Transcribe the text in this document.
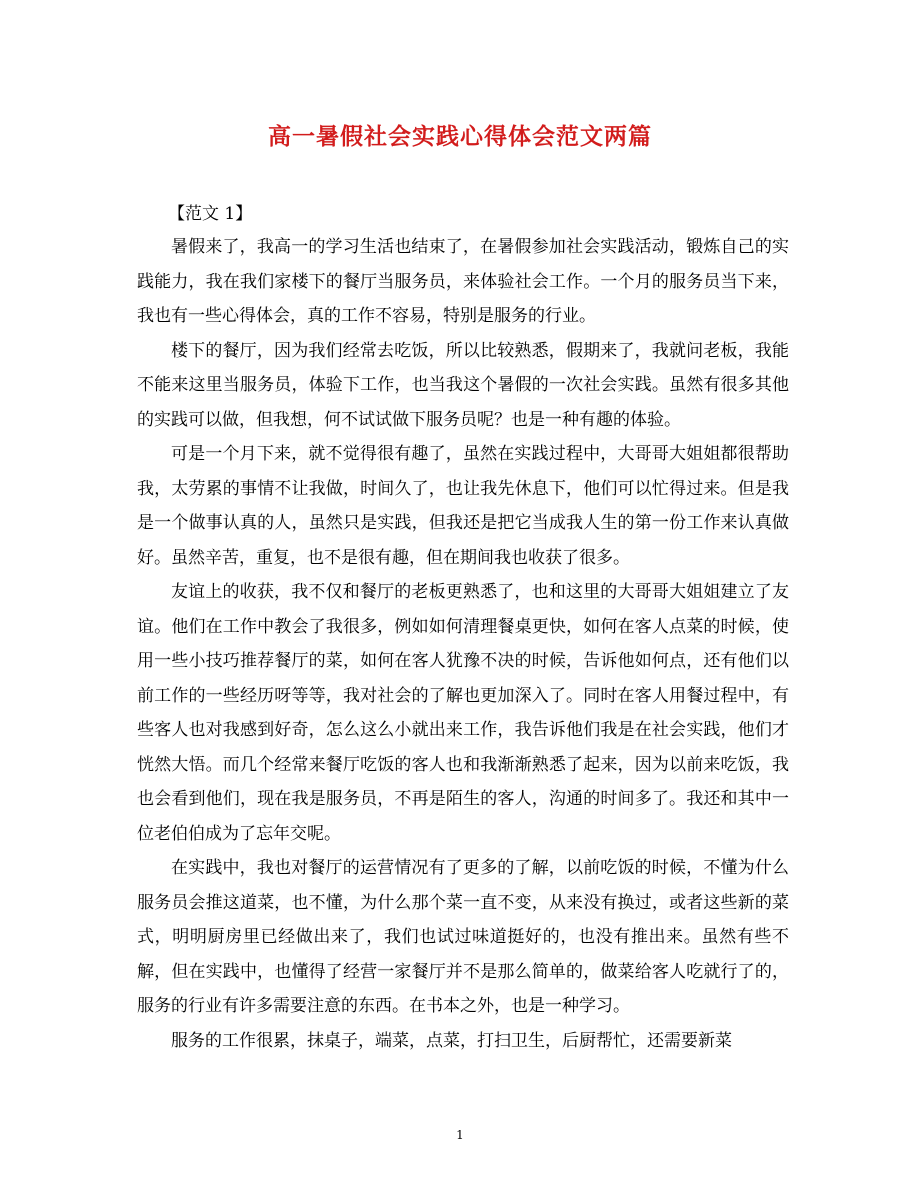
高一暑假社会实践心得体会范文两篇

【范文 1】

暑假来了，我高一的学习生活也结束了，在暑假参加社会实践活动，锻炼自己的实践能力，我在我们家楼下的餐厅当服务员，来体验社会工作。一个月的服务员当下来，我也有一些心得体会，真的工作不容易，特别是服务的行业。

楼下的餐厅，因为我们经常去吃饭，所以比较熟悉，假期来了，我就问老板，我能不能来这里当服务员，体验下工作，也当我这个暑假的一次社会实践。虽然有很多其他的实践可以做，但我想，何不试试做下服务员呢？也是一种有趣的体验。

可是一个月下来，就不觉得很有趣了，虽然在实践过程中，大哥哥大姐姐都很帮助我，太劳累的事情不让我做，时间久了，也让我先休息下，他们可以忙得过来。但是我是一个做事认真的人，虽然只是实践，但我还是把它当成我人生的第一份工作来认真做好。虽然辛苦，重复，也不是很有趣，但在期间我也收获了很多。

友谊上的收获，我不仅和餐厅的老板更熟悉了，也和这里的大哥哥大姐姐建立了友谊。他们在工作中教会了我很多，例如如何清理餐桌更快，如何在客人点菜的时候，使用一些小技巧推荐餐厅的菜，如何在客人犹豫不决的时候，告诉他如何点，还有他们以前工作的一些经历呀等等，我对社会的了解也更加深入了。同时在客人用餐过程中，有些客人也对我感到好奇，怎么这么小就出来工作，我告诉他们我是在社会实践，他们才恍然大悟。而几个经常来餐厅吃饭的客人也和我渐渐熟悉了起来，因为以前来吃饭，我也会看到他们，现在我是服务员，不再是陌生的客人，沟通的时间多了。我还和其中一位老伯伯成为了忘年交呢。

在实践中，我也对餐厅的运营情况有了更多的了解，以前吃饭的时候，不懂为什么服务员会推这道菜，也不懂，为什么那个菜一直不变，从来没有换过，或者这些新的菜式，明明厨房里已经做出来了，我们也试过味道挺好的，也没有推出来。虽然有些不解，但在实践中，也懂得了经营一家餐厅并不是那么简单的，做菜给客人吃就行了的，服务的行业有许多需要注意的东西。在书本之外，也是一种学习。

服务的工作很累，抹桌子，端菜，点菜，打扫卫生，后厨帮忙，还需要新菜

1
